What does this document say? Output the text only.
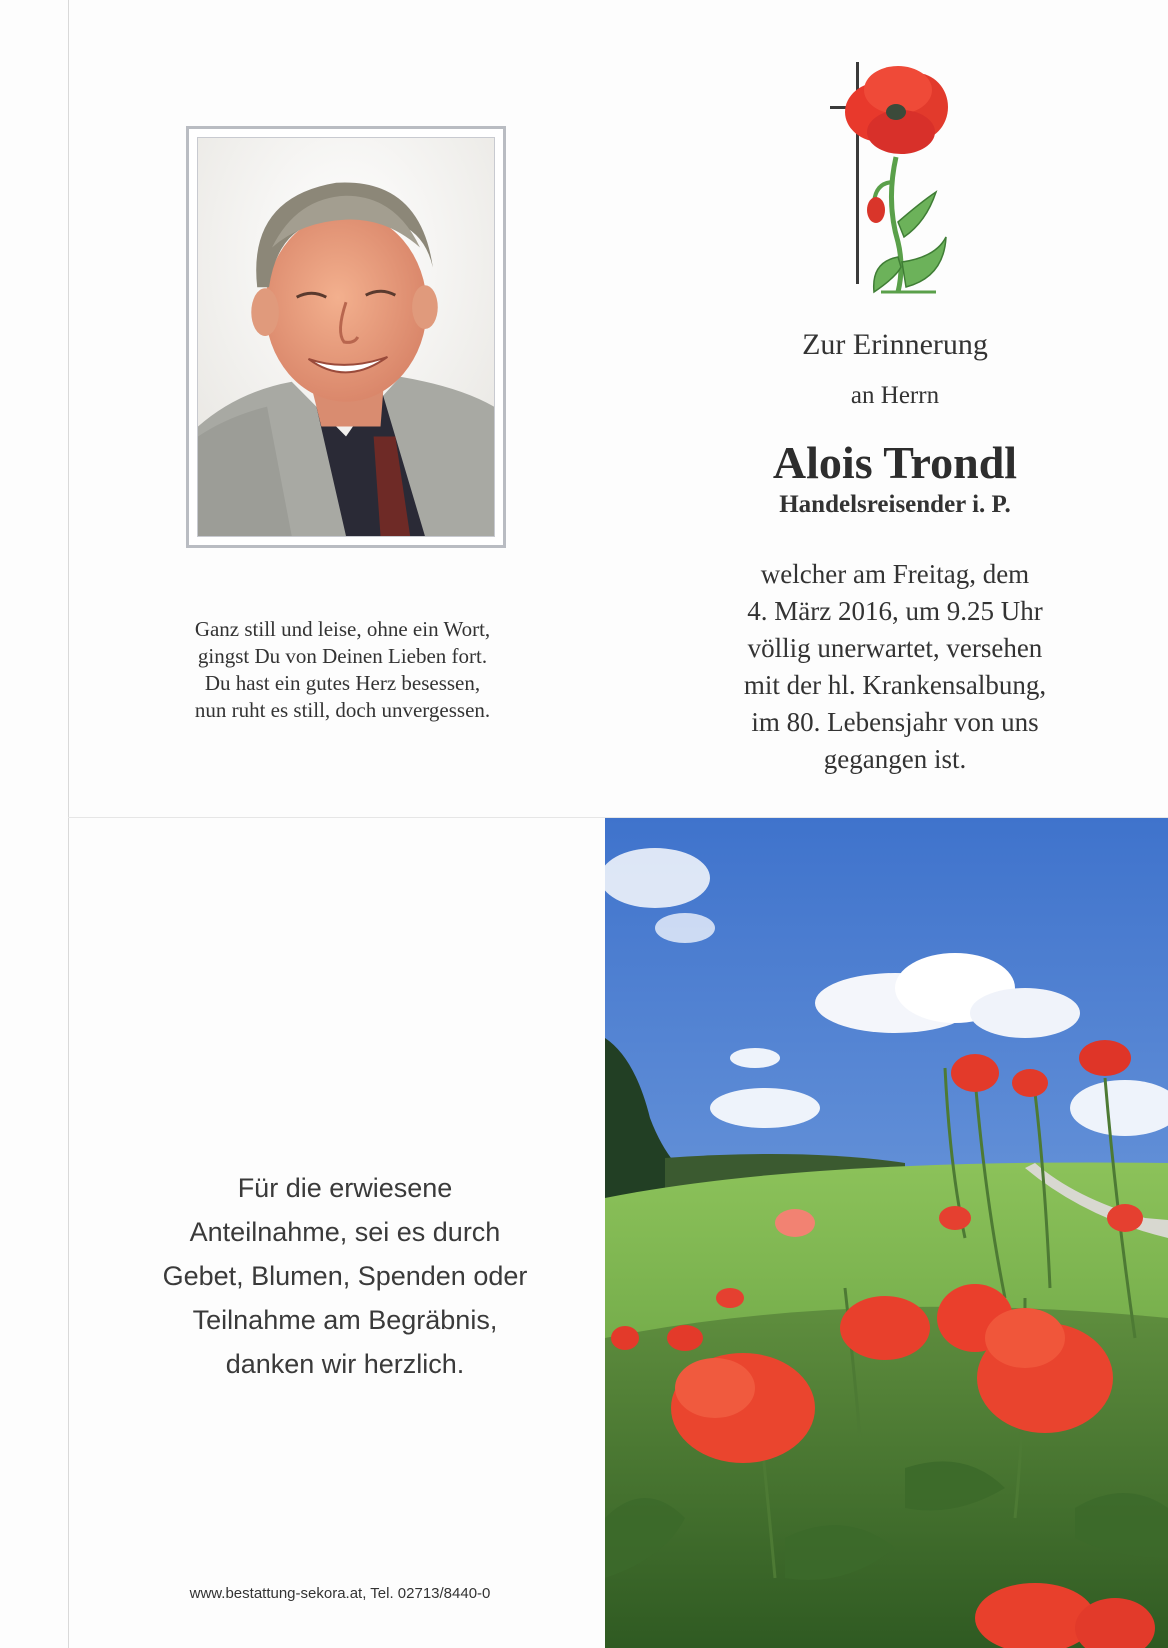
Ganz still und leise, ohne ein Wort,
gingst Du von Deinen Lieben fort.
Du hast ein gutes Herz besessen,
nun ruht es still, doch unvergessen.
Zur Erinnerung
an Herrn
Alois Trondl
Handelsreisender i. P.
welcher am Freitag, dem
4. März 2016, um 9.25 Uhr
völlig unerwartet, versehen
mit der hl. Krankensalbung,
im 80. Lebensjahr von uns
gegangen ist.
Für die erwiesene
Anteilnahme, sei es durch
Gebet, Blumen, Spenden oder
Teilnahme am Begräbnis,
danken wir herzlich.
www.bestattung-sekora.at, Tel. 02713/8440-0
